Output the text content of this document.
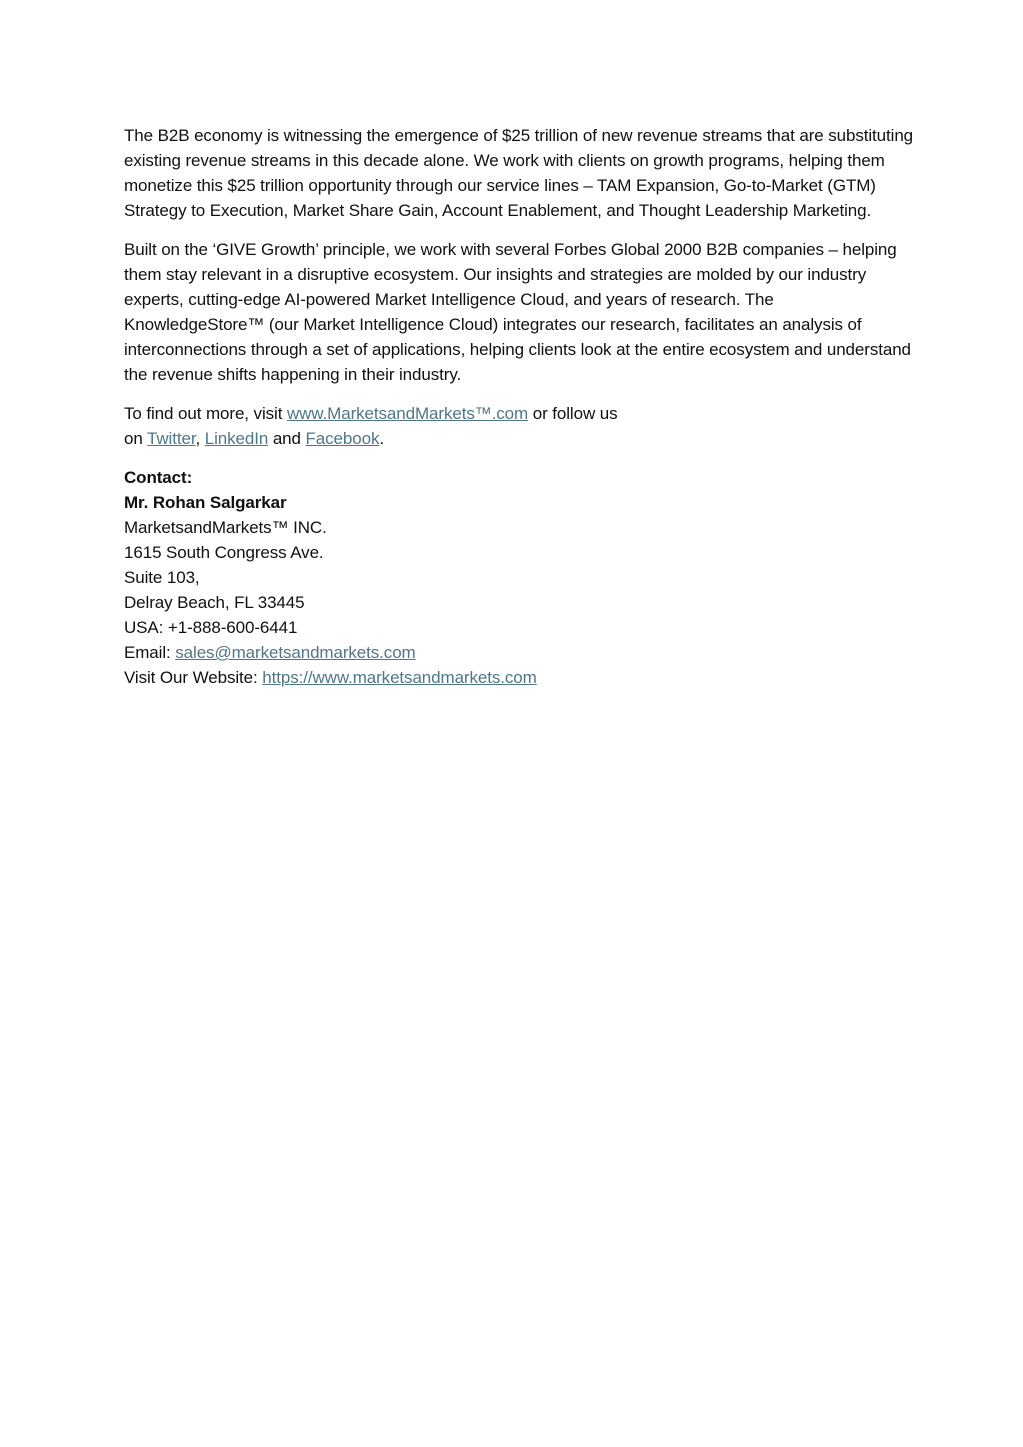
The B2B economy is witnessing the emergence of $25 trillion of new revenue streams that are substituting existing revenue streams in this decade alone. We work with clients on growth programs, helping them monetize this $25 trillion opportunity through our service lines – TAM Expansion, Go-to-Market (GTM) Strategy to Execution, Market Share Gain, Account Enablement, and Thought Leadership Marketing.

Built on the ‘GIVE Growth’ principle, we work with several Forbes Global 2000 B2B companies – helping them stay relevant in a disruptive ecosystem. Our insights and strategies are molded by our industry experts, cutting-edge AI-powered Market Intelligence Cloud, and years of research. The KnowledgeStore™ (our Market Intelligence Cloud) integrates our research, facilitates an analysis of interconnections through a set of applications, helping clients look at the entire ecosystem and understand the revenue shifts happening in their industry.

To find out more, visit www.MarketsandMarkets™.com or follow us
on Twitter, LinkedIn and Facebook.

Contact:
Mr. Rohan Salgarkar
MarketsandMarkets™ INC.
1615 South Congress Ave.
Suite 103,
Delray Beach, FL 33445
USA: +1-888-600-6441
Email: sales@marketsandmarkets.com
Visit Our Website: https://www.marketsandmarkets.com
